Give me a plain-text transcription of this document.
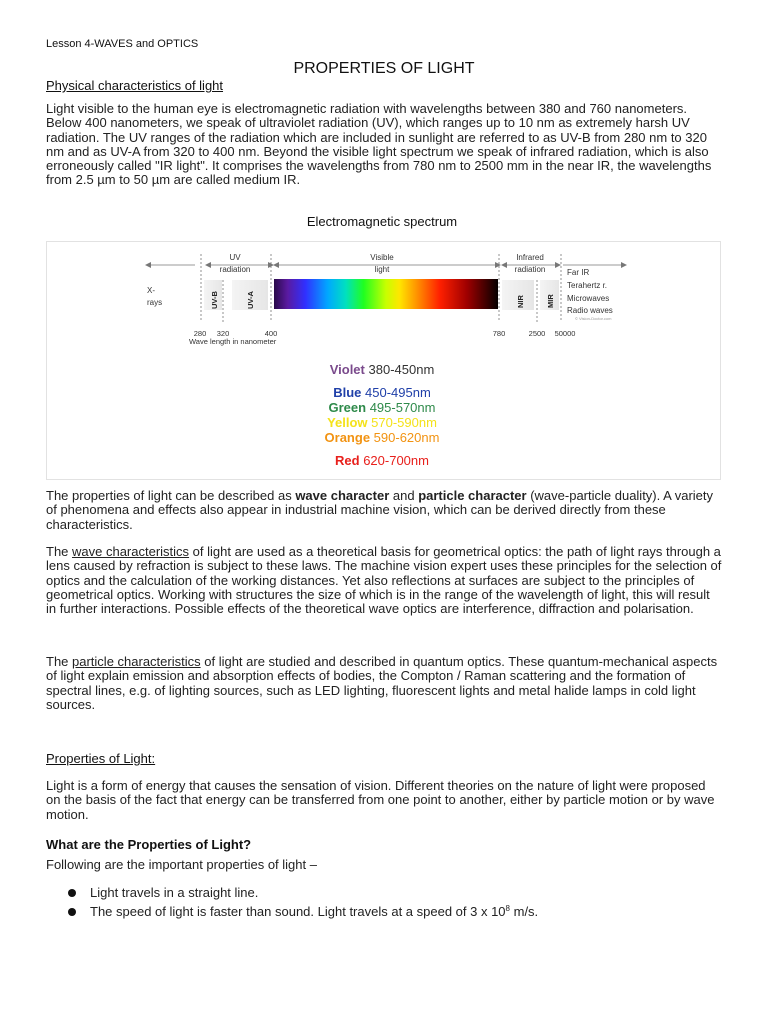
Lesson 4-WAVES and OPTICS
PROPERTIES OF LIGHT
Physical characteristics of light

Light visible to the human eye is electromagnetic radiation with wavelengths between 380 and 760 nanometers. Below 400 nanometers, we speak of ultraviolet radiation (UV), which ranges up to 10 nm as extremely harsh UV radiation. The UV ranges of the radiation which are included in sunlight are referred to as UV-B from 280 nm to 320 nm and as UV-A from 320 to 400 nm. Beyond the visible light spectrum we speak of infrared radiation, which is also erroneously called "IR light". It comprises the wavelengths from 780 nm to 2500 mm in the near IR, the wavelengths from 2.5 µm to 50 µm are called medium IR.

Electromagnetic spectrum
UV
radiation
Visible
light
Infrared
radiation
X-
rays	UV-B	UV-A	NIR	MIR
Far IR
Terahertz r.
Microwaves
Radio waves
© Vision-Doctor.com
280 320	400	780	2500 50000
Wave length in nanometer
Violet 380-450nm
Blue 450-495nm
Green 495-570nm
Yellow 570-590nm
Orange 590-620nm
Red 620-700nm

The properties of light can be described as wave character and particle character (wave-particle duality). A variety of phenomena and effects also appear in industrial machine vision, which can be derived directly from these characteristics.

The wave characteristics of light are used as a theoretical basis for geometrical optics: the path of light rays through a lens caused by refraction is subject to these laws. The machine vision expert uses these principles for the selection of optics and the calculation of the working distances. Yet also reflections at surfaces are subject to the principles of geometrical optics. Working with structures the size of which is in the range of the wavelength of light, this will result in further interactions. Possible effects of the theoretical wave optics are interference, diffraction and polarisation.

The particle characteristics of light are studied and described in quantum optics. These quantum-mechanical aspects of light explain emission and absorption effects of bodies, the Compton / Raman scattering and the formation of spectral lines, e.g. of lighting sources, such as LED lighting, fluorescent lights and metal halide lamps in cold light sources.

Properties of Light:

Light is a form of energy that causes the sensation of vision. Different theories on the nature of light were proposed on the basis of the fact that energy can be transferred from one point to another, either by particle motion or by wave motion.

What are the Properties of Light?
Following are the important properties of light –
Light travels in a straight line.
The speed of light is faster than sound. Light travels at a speed of 3 x $10^8$ m/s.
